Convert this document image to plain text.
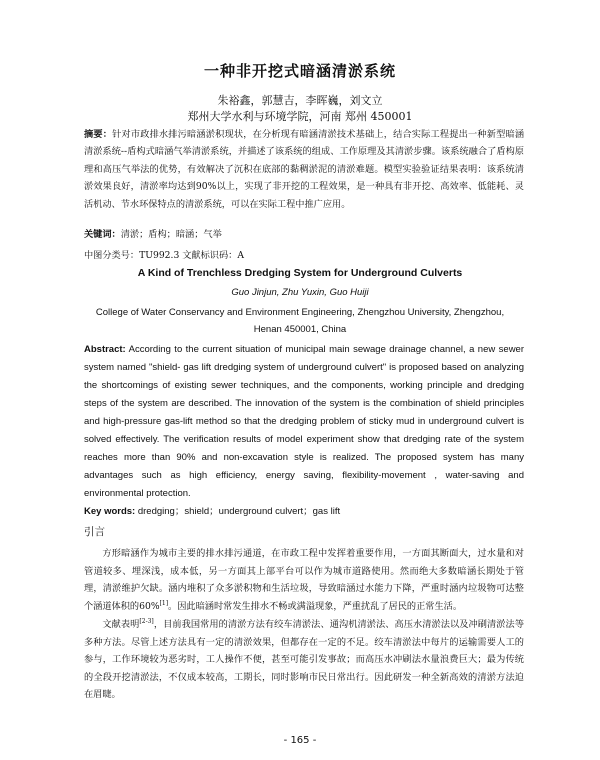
一种非开挖式暗涵清淤系统
朱裕鑫，郭慧吉，李晖巍，刘文立
郑州大学水利与环境学院，河南 郑州 450001
摘要：针对市政排水排污暗涵淤积现状，在分析现有暗涵清淤技术基础上，结合实际工程提出一种新型暗涵清淤系统--盾构式暗涵气举清淤系统，并描述了该系统的组成、工作原理及其清淤步骤。该系统融合了盾构原理和高压气举法的优势，有效解决了沉积在底部的黏稠淤泥的清淤难题。模型实验验证结果表明：该系统清淤效果良好，清淤率均达到90%以上，实现了非开挖的工程效果，是一种具有非开挖、高效率、低能耗、灵活机动、节水环保特点的清淤系统，可以在实际工程中推广应用。
关键词：清淤；盾构；暗涵；气举
中图分类号：TU992.3 文献标识码：A
A Kind of Trenchless Dredging System for Underground Culverts
Guo Jinjun, Zhu Yuxin, Guo Huiji
College of Water Conservancy and Environment Engineering, Zhengzhou University, Zhengzhou, Henan 450001, China
Abstract: According to the current situation of municipal main sewage drainage channel, a new sewer system named "shield- gas lift dredging system of underground culvert" is proposed based on analyzing the shortcomings of existing sewer techniques, and the components, working principle and dredging steps of the system are described. The innovation of the system is the combination of shield principles and high-pressure gas-lift method so that the dredging problem of sticky mud in underground culvert is solved effectively. The verification results of model experiment show that dredging rate of the system reaches more than 90% and non-excavation style is realized. The proposed system has many advantages such as high efficiency, energy saving, flexibility-movement , water-saving and environmental protection.
Key words: dredging；shield；underground culvert；gas lift
引言
方形暗涵作为城市主要的排水排污通道，在市政工程中发挥着重要作用，一方面其断面大，过水量和对管道较多、埋深浅，成本低，另一方面其上部平台可以作为城市道路使用。然而绝大多数暗涵长期处于管理，清淤维护欠缺。涵内堆积了众多淤积物和生活垃圾，导致暗涵过水能力下降，严重时涵内垃圾物可达整个涵道体积的60%[1]。因此暗涵时常发生排水不畅或满溢现象，严重扰乱了居民的正常生活。
文献表明[2-3]，目前我国常用的清淤方法有绞车清淤法、通沟机清淤法、高压水清淤法以及冲刷清淤法等多种方法。尽管上述方法具有一定的清淤效果，但都存在一定的不足。绞车清淤法中每片的运输需要人工的参与，工作环境较为恶劣时，工人操作不便，甚至可能引发事故；而高压水冲刷法水量浪费巨大；最为传统的全段开挖清淤法，不仅成本较高，工期长，同时影响市民日常出行。因此研发一种全新高效的清淤方法迫在眉睫。
- 165 -
